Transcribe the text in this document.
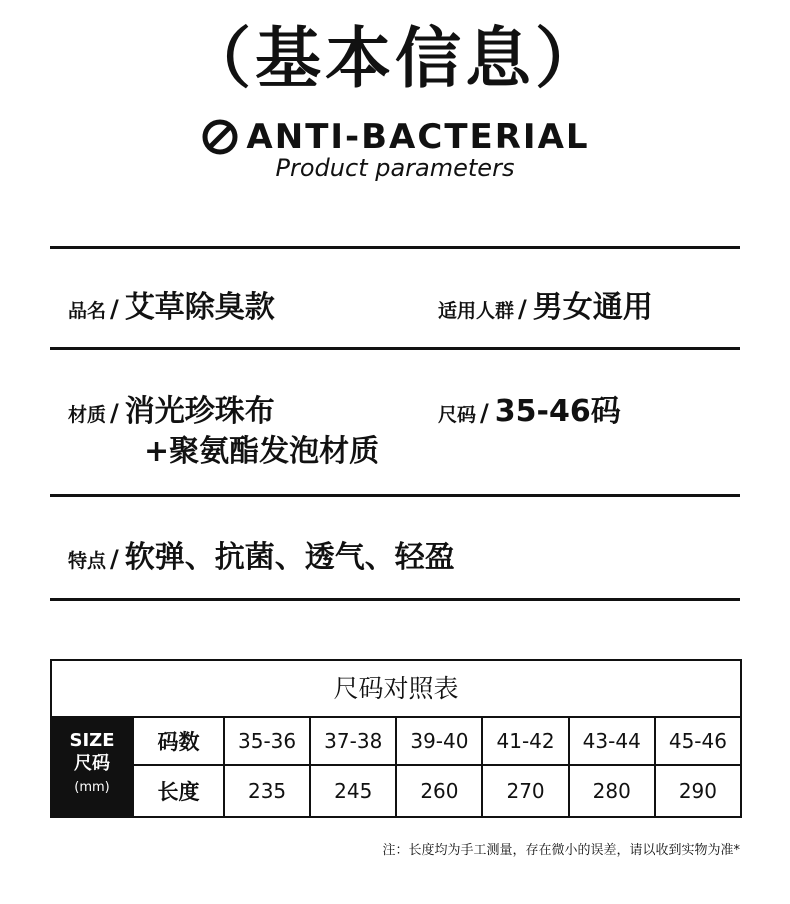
（基本信息）
ANTI-BACTERIAL
Product parameters
品名 / 艾草除臭款	适用人群 / 男女通用
材质 / 消光珍珠布
+聚氨酯发泡材质
尺码 / 35-46码
特点 / 软弹、抗菌、透气、轻盈
尺码对照表
SIZE
尺码
(mm)
码数	35-36	37-38	39-40	41-42	43-44	45-46
长度	235	245	260	270	280	290
注：长度均为手工测量，存在微小的误差，请以收到实物为准*
